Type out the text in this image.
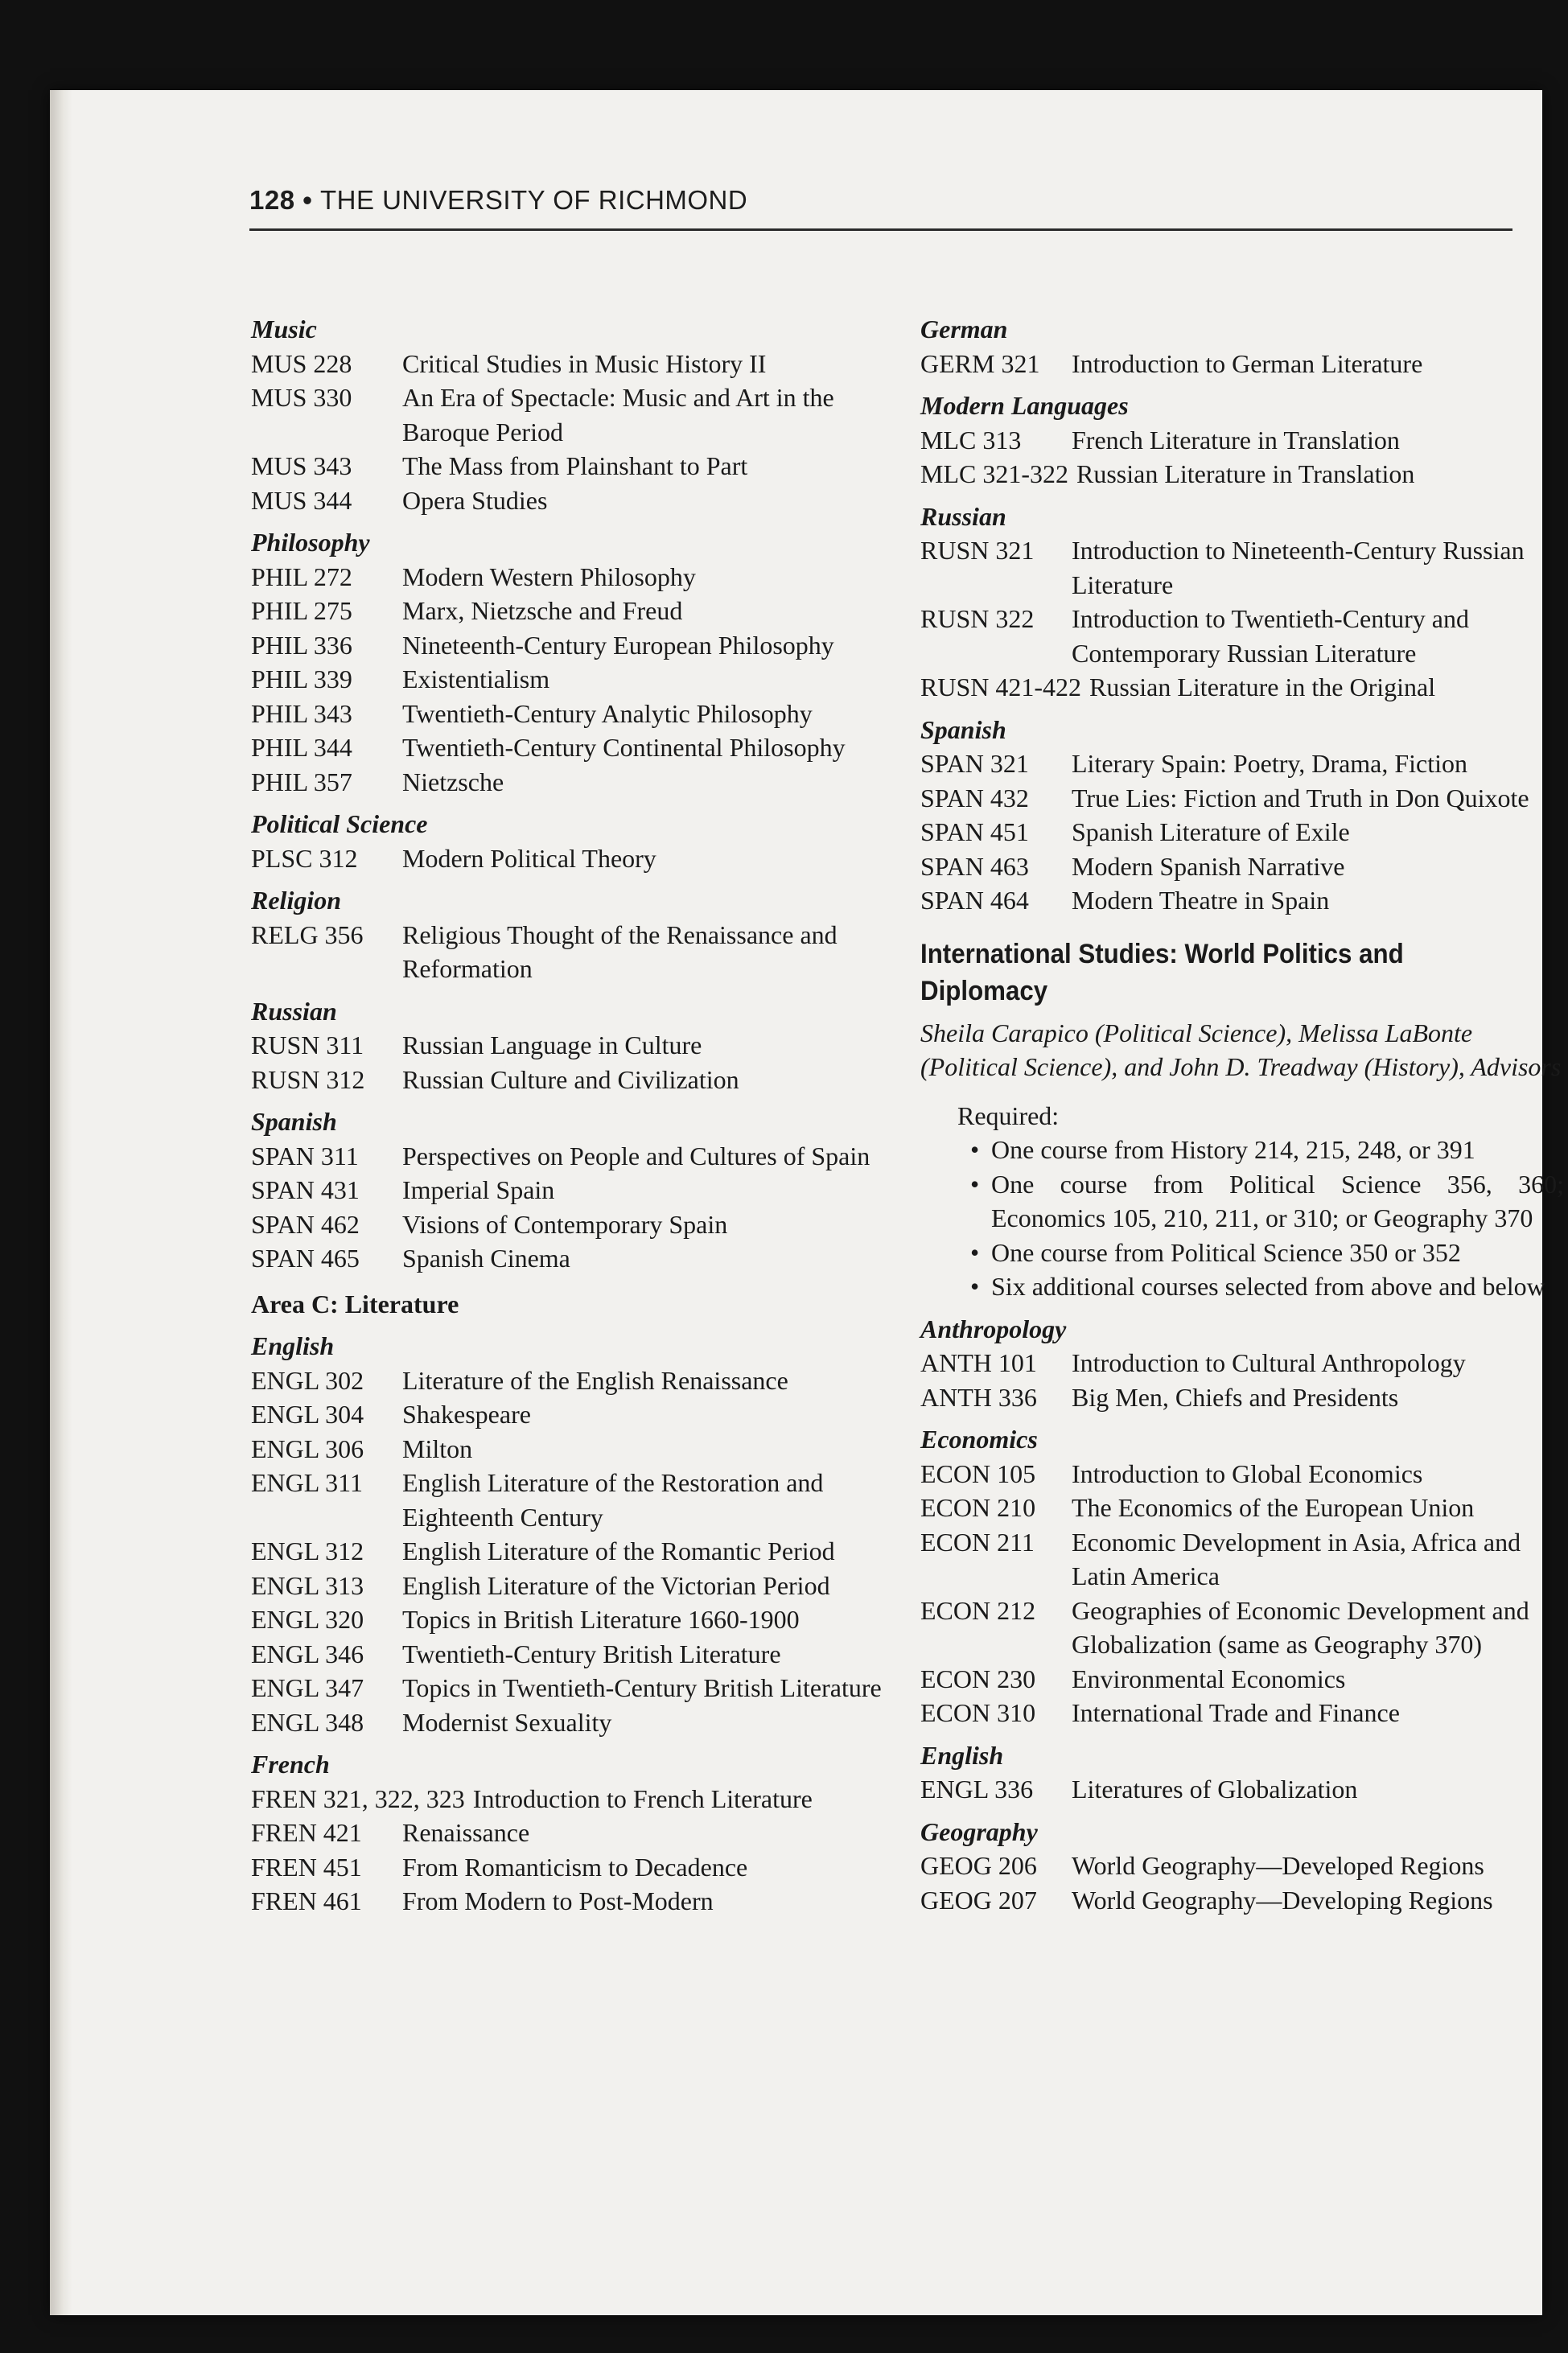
128 • THE UNIVERSITY OF RICHMOND
Music
MUS 228	Critical Studies in Music History II
MUS 330	An Era of Spectacle: Music and Art in the Baroque Period
MUS 343	The Mass from Plainshant to Part
MUS 344	Opera Studies
Philosophy
PHIL 272	Modern Western Philosophy
PHIL 275	Marx, Nietzsche and Freud
PHIL 336	Nineteenth-Century European Philosophy
PHIL 339	Existentialism
PHIL 343	Twentieth-Century Analytic Philosophy
PHIL 344	Twentieth-Century Continental Philosophy
PHIL 357	Nietzsche
Political Science
PLSC 312	Modern Political Theory
Religion
RELG 356	Religious Thought of the Renaissance and Reformation
Russian
RUSN 311	Russian Language in Culture
RUSN 312	Russian Culture and Civilization
Spanish
SPAN 311	Perspectives on People and Cultures of Spain
SPAN 431	Imperial Spain
SPAN 462	Visions of Contemporary Spain
SPAN 465	Spanish Cinema
Area C: Literature
English
ENGL 302	Literature of the English Renaissance
ENGL 304	Shakespeare
ENGL 306	Milton
ENGL 311	English Literature of the Restoration and Eighteenth Century
ENGL 312	English Literature of the Romantic Period
ENGL 313	English Literature of the Victorian Period
ENGL 320	Topics in British Literature 1660-1900
ENGL 346	Twentieth-Century British Literature
ENGL 347	Topics in Twentieth-Century British Literature
ENGL 348	Modernist Sexuality
French
FREN 321, 322, 323 Introduction to French Literature
FREN 421	Renaissance
FREN 451	From Romanticism to Decadence
FREN 461	From Modern to Post-Modern
German
GERM 321	Introduction to German Literature
Modern Languages
MLC 313	French Literature in Translation
MLC 321-322 Russian Literature in Translation
Russian
RUSN 321	Introduction to Nineteenth-Century Russian Literature
RUSN 322	Introduction to Twentieth-Century and Contemporary Russian Literature
RUSN 421-422 Russian Literature in the Original
Spanish
SPAN 321	Literary Spain: Poetry, Drama, Fiction
SPAN 432	True Lies: Fiction and Truth in Don Quixote
SPAN 451	Spanish Literature of Exile
SPAN 463	Modern Spanish Narrative
SPAN 464	Modern Theatre in Spain
International Studies: World Politics and Diplomacy
Sheila Carapico (Political Science), Melissa LaBonte (Political Science), and John D. Treadway (History), Advisors
Required:
• One course from History 214, 215, 248, or 391
• One course from Political Science 356, 360; Economics 105, 210, 211, or 310; or Geography 370
• One course from Political Science 350 or 352
• Six additional courses selected from above and below
Anthropology
ANTH 101	Introduction to Cultural Anthropology
ANTH 336	Big Men, Chiefs and Presidents
Economics
ECON 105	Introduction to Global Economics
ECON 210	The Economics of the European Union
ECON 211	Economic Development in Asia, Africa and Latin America
ECON 212	Geographies of Economic Development and Globalization (same as Geography 370)
ECON 230	Environmental Economics
ECON 310	International Trade and Finance
English
ENGL 336	Literatures of Globalization
Geography
GEOG 206	World Geography—Developed Regions
GEOG 207	World Geography—Developing Regions
